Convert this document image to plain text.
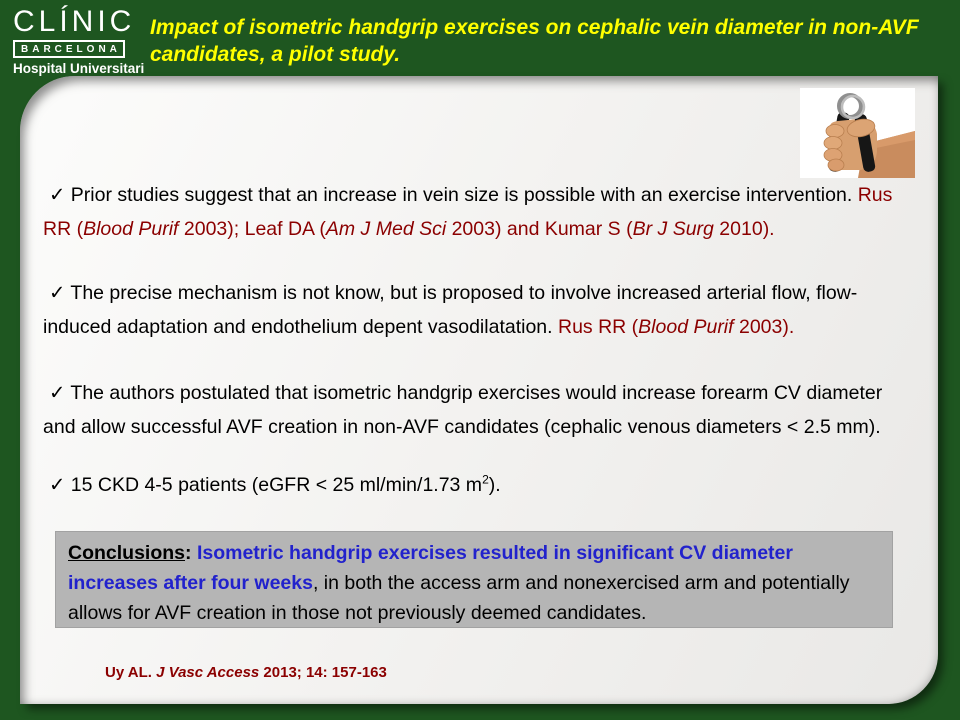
CLÍNIC
BARCELONA
Hospital Universitari
Impact of isometric handgrip exercises on cephalic vein diameter in non-AVF candidates, a pilot study.
✓ Prior studies suggest that an increase in vein size is possible with an exercise intervention. Rus RR (Blood Purif 2003); Leaf DA (Am J Med Sci 2003) and Kumar S (Br J Surg 2010).
✓ The precise mechanism is not know, but is proposed to involve increased arterial flow, flow-induced adaptation and endothelium depent vasodilatation. Rus RR (Blood Purif 2003).
✓ The authors postulated that isometric handgrip exercises would increase forearm CV diameter and allow successful AVF creation in non-AVF candidates (cephalic venous diameters < 2.5 mm).
✓ 15 CKD 4-5 patients (eGFR < 25 ml/min/1.73 $m^2$).
Conclusions: Isometric handgrip exercises resulted in significant CV diameter increases after four weeks, in both the access arm and nonexercised arm and potentially allows for AVF creation in those not previously deemed candidates.
Uy AL. J Vasc Access 2013; 14: 157-163
